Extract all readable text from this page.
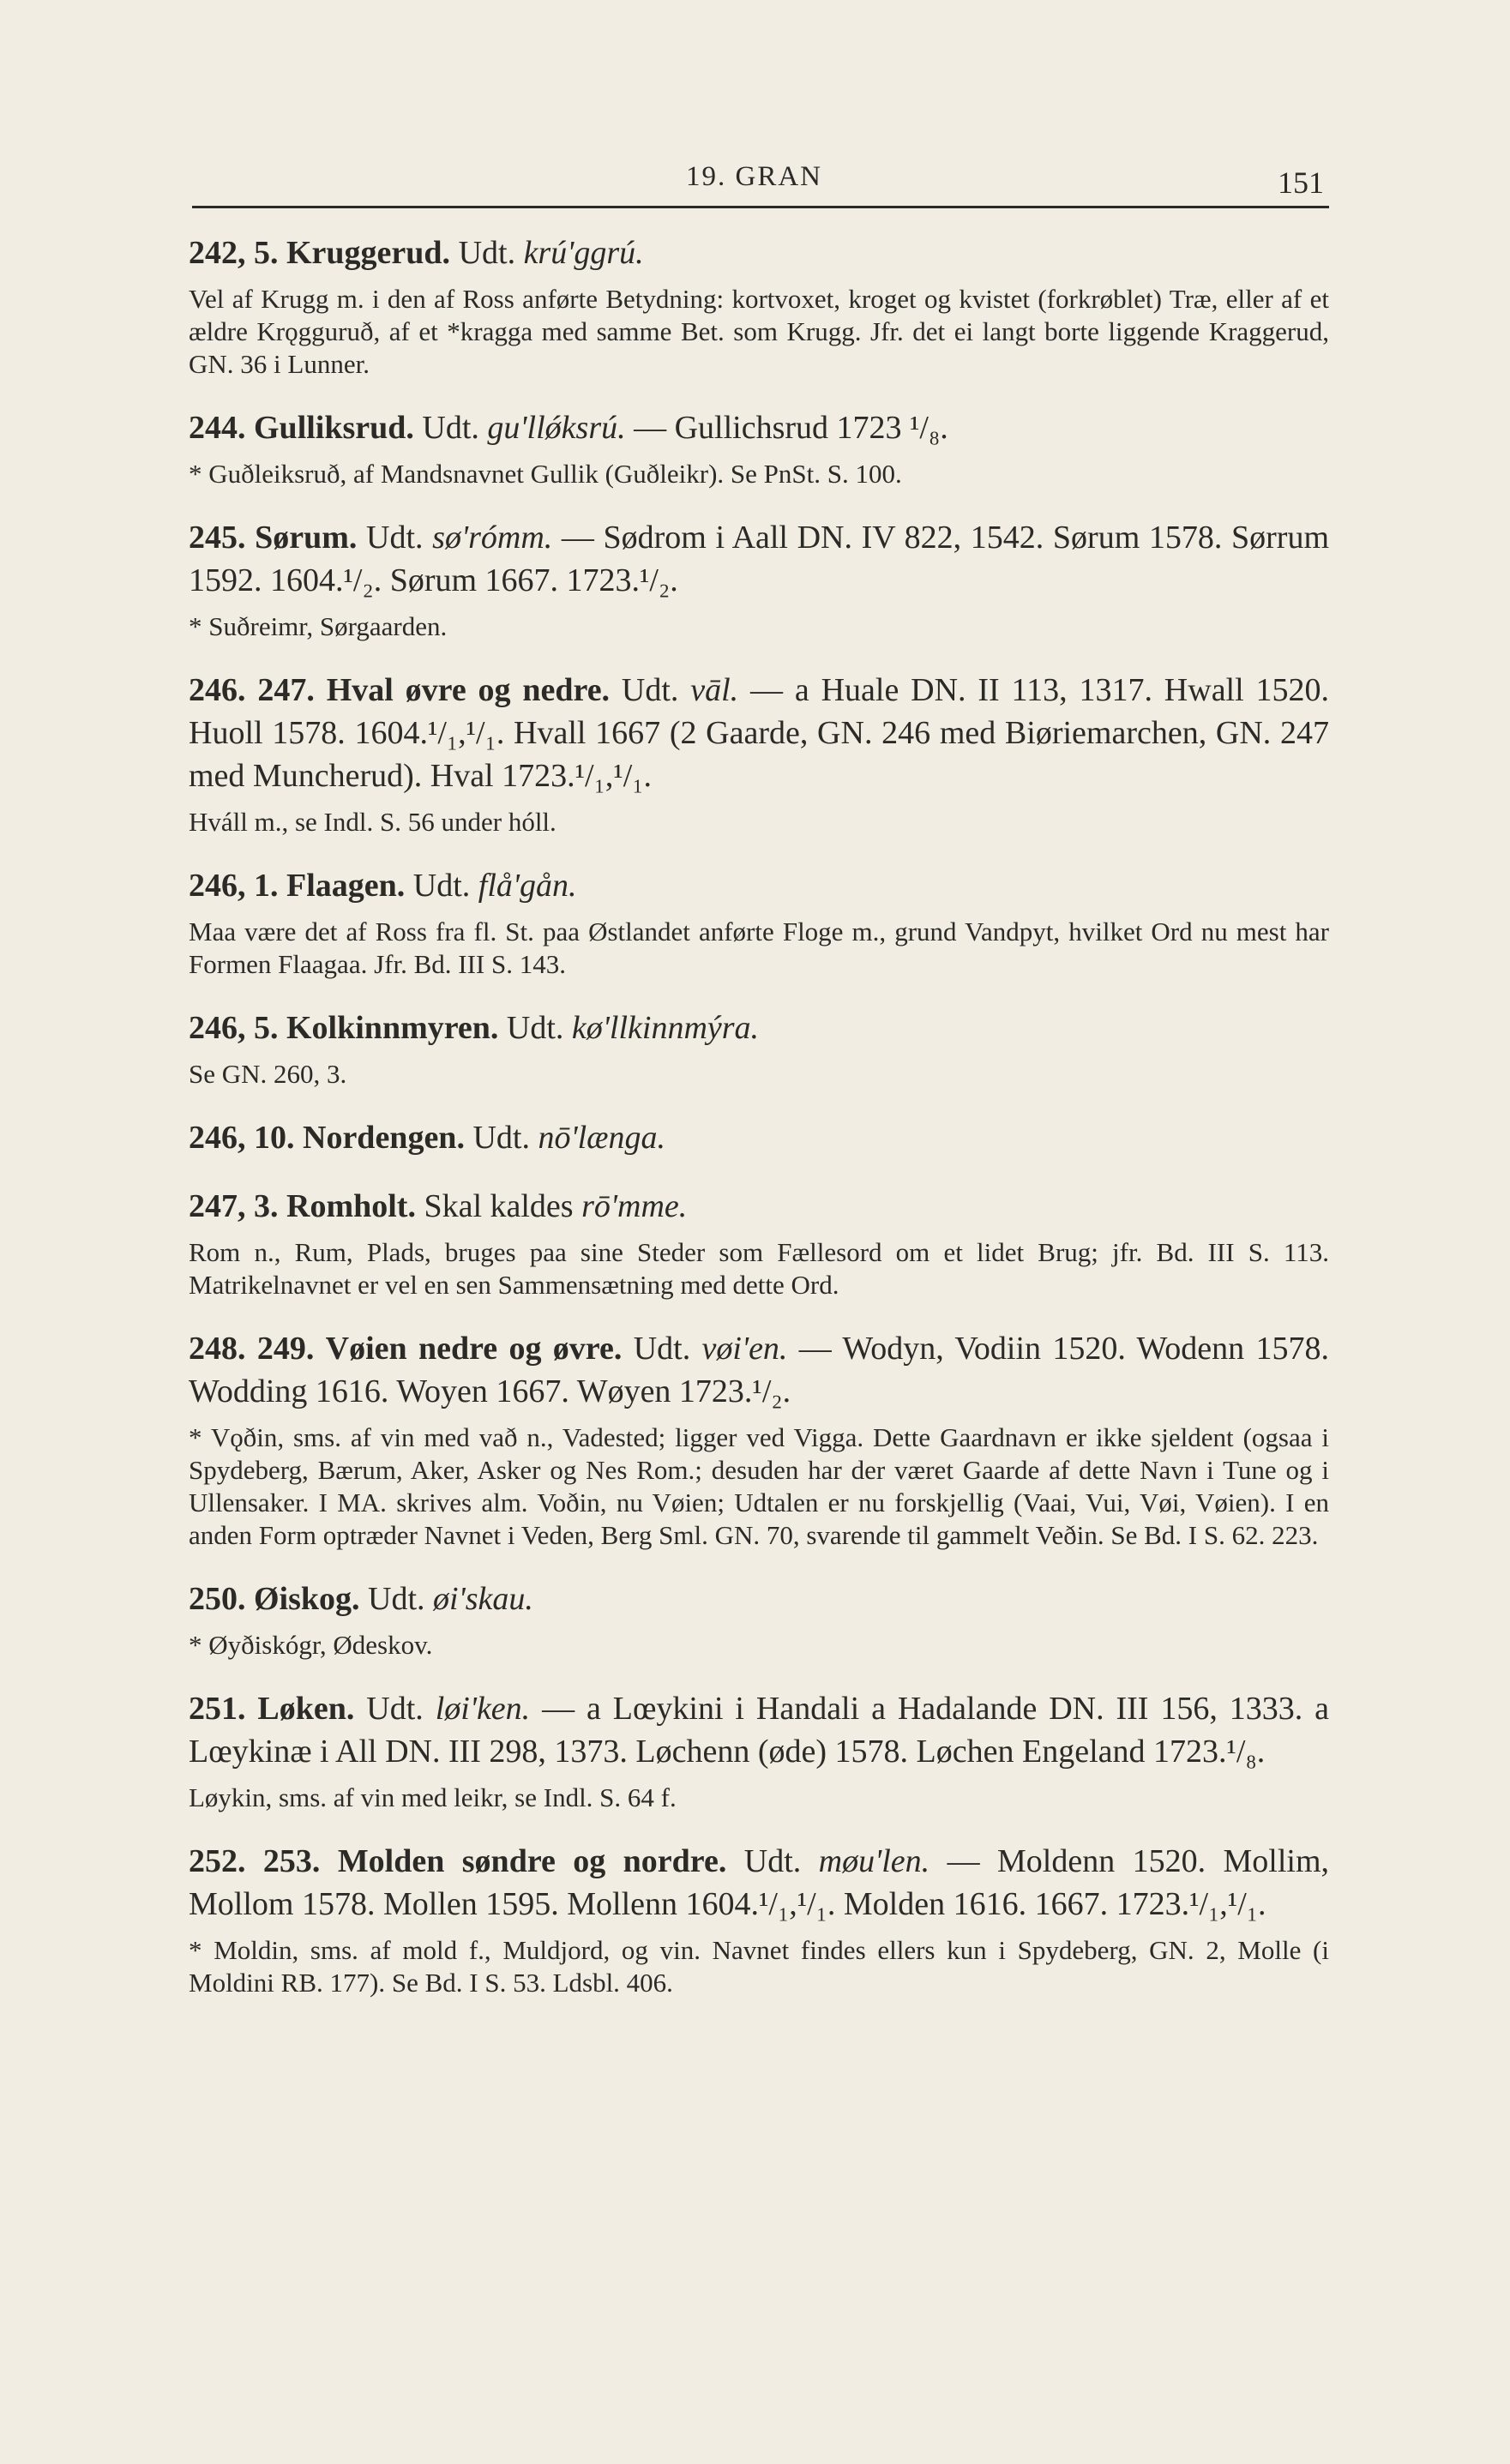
19. GRAN	151

242, 5. Kruggerud. Udt. krú'ggrú.

Vel af Krugg m. i den af Ross anførte Betydning: kortvoxet, kroget og kvistet (forkrøblet) Træ, eller af et ældre Krǫgguruð, af et *kragga med samme Bet. som Krugg. Jfr. det ei langt borte liggende Kraggerud, GN. 36 i Lunner.

244. Gulliksrud. Udt. gu'llǿksrú. — Gullichsrud 1723 ¹/₈.

* Guðleiksruð, af Mandsnavnet Gullik (Guðleikr). Se PnSt. S. 100.

245. Sørum. Udt. sø'rómm. — Sødrom i Aall DN. IV 822, 1542. Sørum 1578. Sørrum 1592. 1604.¹/₂. Sørum 1667. 1723.¹/₂.

* Suðreimr, Sørgaarden.

246. 247. Hval øvre og nedre. Udt. vāl. — a Huale DN. II 113, 1317. Hwall 1520. Huoll 1578. 1604.¹/₁,¹/₁. Hvall 1667 (2 Gaarde, GN. 246 med Biøriemarchen, GN. 247 med Muncherud). Hval 1723.¹/₁,¹/₁.

Hváll m., se Indl. S. 56 under hóll.

246, 1. Flaagen. Udt. flå'gån.

Maa være det af Ross fra fl. St. paa Østlandet anførte Floge m., grund Vandpyt, hvilket Ord nu mest har Formen Flaagaa. Jfr. Bd. III S. 143.

246, 5. Kolkinnmyren. Udt. kø'llkinnmýra.

Se GN. 260, 3.

246, 10. Nordengen. Udt. nō'længa.

247, 3. Romholt. Skal kaldes rō'mme.

Rom n., Rum, Plads, bruges paa sine Steder som Fællesord om et lidet Brug; jfr. Bd. III S. 113. Matrikelnavnet er vel en sen Sammensætning med dette Ord.

248. 249. Vøien nedre og øvre. Udt. vøi'en. — Wodyn, Vodiin 1520. Wodenn 1578. Wodding 1616. Woyen 1667. Wøyen 1723.¹/₂.

* Vǫðin, sms. af vin med vað n., Vadested; ligger ved Vigga. Dette Gaardnavn er ikke sjeldent (ogsaa i Spydeberg, Bærum, Aker, Asker og Nes Rom.; desuden har der været Gaarde af dette Navn i Tune og i Ullensaker. I MA. skrives alm. Voðin, nu Vøien; Udtalen er nu forskjellig (Vaai, Vui, Vøi, Vøien). I en anden Form optræder Navnet i Veden, Berg Sml. GN. 70, svarende til gammelt Veðin. Se Bd. I S. 62. 223.

250. Øiskog. Udt. øi'skau.

* Øyðiskógr, Ødeskov.

251. Løken. Udt. løi'ken. — a Lœykini i Handali a Hadalande DN. III 156, 1333. a Lœykinæ i All DN. III 298, 1373. Løchenn (øde) 1578. Løchen Engeland 1723.¹/₈.

Løykin, sms. af vin med leikr, se Indl. S. 64 f.

252. 253. Molden søndre og nordre. Udt. møu'len. — Moldenn 1520. Mollim, Mollom 1578. Mollen 1595. Mollenn 1604.¹/₁,¹/₁. Molden 1616. 1667. 1723.¹/₁,¹/₁.

* Moldin, sms. af mold f., Muldjord, og vin. Navnet findes ellers kun i Spydeberg, GN. 2, Molle (i Moldini RB. 177). Se Bd. I S. 53. Ldsbl. 406.
